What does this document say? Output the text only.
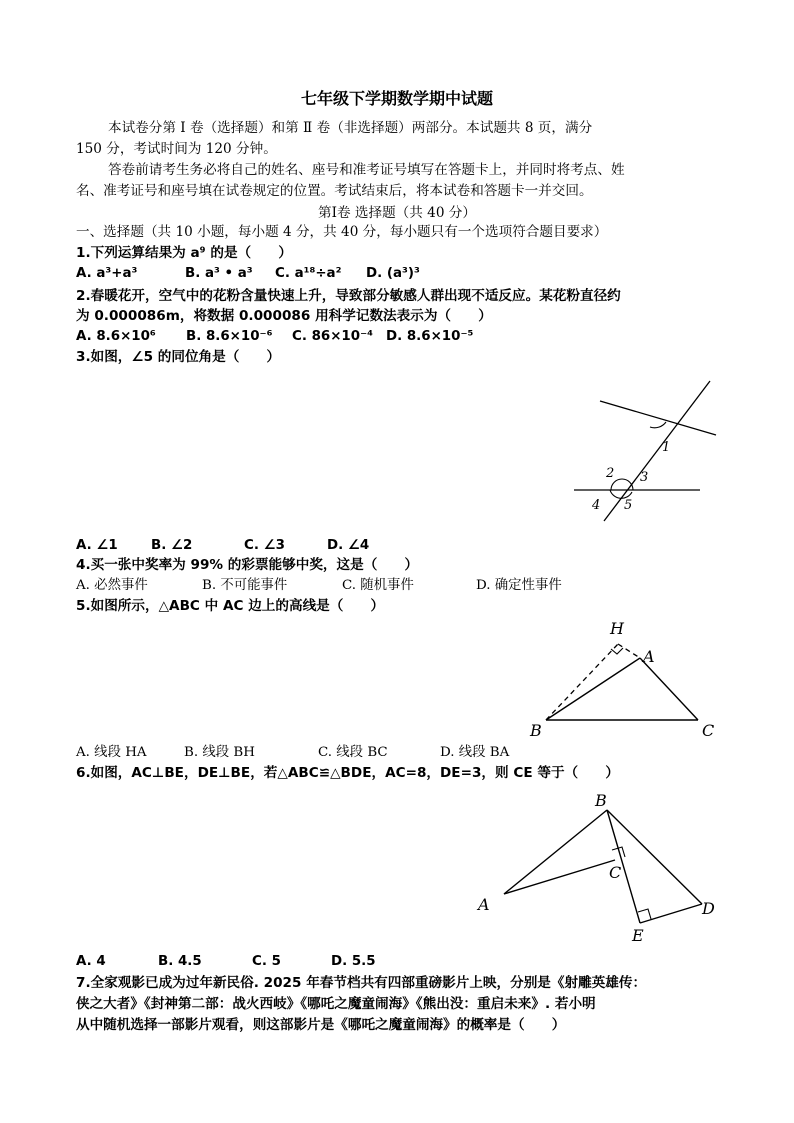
七年级下学期数学期中试题
本试卷分第 Ⅰ 卷（选择题）和第 Ⅱ 卷（非选择题）两部分。本试题共 8 页，满分
150 分，考试时间为 120 分钟。
答卷前请考生务必将自己的姓名、座号和准考证号填写在答题卡上，并同时将考点、姓
名、准考证号和座号填在试卷规定的位置。考试结束后，将本试卷和答题卡一并交回。
第Ⅰ卷 选择题（共 40 分）
一、选择题（共 10 小题，每小题 4 分，共 40 分，每小题只有一个选项符合题目要求）
1.下列运算结果为 a⁹ 的是（　　）
A. a³+a³	B. a³ • a³ C. a¹⁸÷a² D. (a³)³
2.春暖花开，空气中的花粉含量快速上升，导致部分敏感人群出现不适反应。某花粉直径约
为 0.000086m，将数据 0.000086 用科学记数法表示为（　　）
A. 8.6×10⁶ B. 8.6×10⁻⁶ C. 86×10⁻⁴ D. 8.6×10⁻⁵
3.如图，∠5 的同位角是（　　）
1
2 3
4 5
A. ∠1 B. ∠2	C. ∠3	D. ∠4
4.买一张中奖率为 99% 的彩票能够中奖，这是（　　）
A. 必然事件	B. 不可能事件	C. 随机事件	D. 确定性事件
5.如图所示，△ABC 中 AC 边上的高线是（　　）
H
A
B	C
A. 线段 HA	B. 线段 BH	C. 线段 BC	D. 线段 BA
6.如图，AC⊥BE，DE⊥BE，若△ABC≌△BDE，AC=8，DE=3，则 CE 等于（　　）
B
C
A	D
E
A. 4	B. 4.5	C. 5	D. 5.5
7.全家观影已成为过年新民俗. 2025 年春节档共有四部重磅影片上映，分别是《射雕英雄传：
侠之大者》《封神第二部：战火西岐》《哪吒之魔童闹海》《熊出没：重启未来》. 若小明
从中随机选择一部影片观看，则这部影片是《哪吒之魔童闹海》的概率是（　　）
